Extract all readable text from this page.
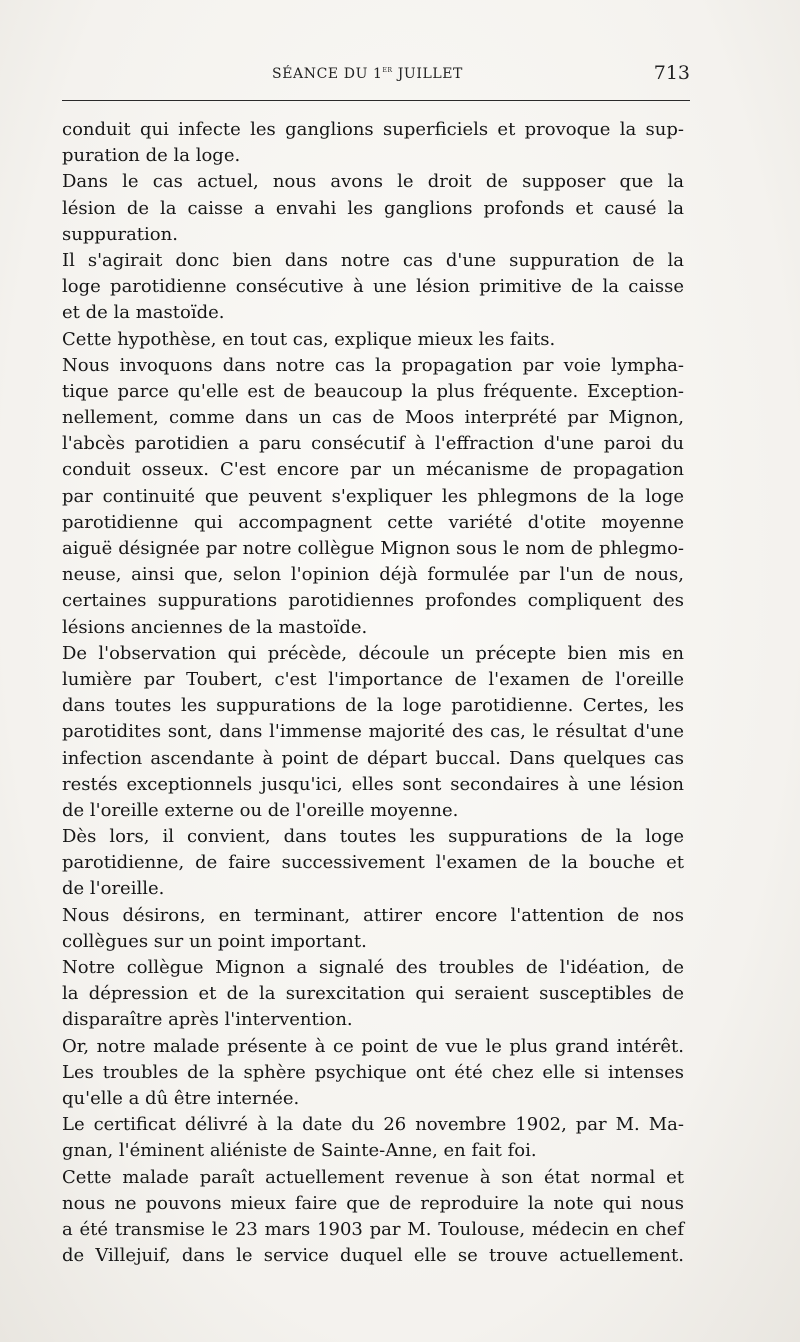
SÉANCE DU 1er JUILLET	713
conduit qui infecte les ganglions superficiels et provoque la sup-
puration de la loge.
Dans le cas actuel, nous avons le droit de supposer que la
lésion de la caisse a envahi les ganglions profonds et causé la
suppuration.
Il s'agirait donc bien dans notre cas d'une suppuration de la
loge parotidienne consécutive à une lésion primitive de la caisse
et de la mastoïde.
Cette hypothèse, en tout cas, explique mieux les faits.
Nous invoquons dans notre cas la propagation par voie lympha-
tique parce qu'elle est de beaucoup la plus fréquente. Exception-
nellement, comme dans un cas de Moos interprété par Mignon,
l'abcès parotidien a paru consécutif à l'effraction d'une paroi du
conduit osseux. C'est encore par un mécanisme de propagation
par continuité que peuvent s'expliquer les phlegmons de la loge
parotidienne qui accompagnent cette variété d'otite moyenne
aiguë désignée par notre collègue Mignon sous le nom de phlegmo-
neuse, ainsi que, selon l'opinion déjà formulée par l'un de nous,
certaines suppurations parotidiennes profondes compliquent des
lésions anciennes de la mastoïde.
De l'observation qui précède, découle un précepte bien mis en
lumière par Toubert, c'est l'importance de l'examen de l'oreille
dans toutes les suppurations de la loge parotidienne. Certes, les
parotidites sont, dans l'immense majorité des cas, le résultat d'une
infection ascendante à point de départ buccal. Dans quelques cas
restés exceptionnels jusqu'ici, elles sont secondaires à une lésion
de l'oreille externe ou de l'oreille moyenne.
Dès lors, il convient, dans toutes les suppurations de la loge
parotidienne, de faire successivement l'examen de la bouche et
de l'oreille.
Nous désirons, en terminant, attirer encore l'attention de nos
collègues sur un point important.
Notre collègue Mignon a signalé des troubles de l'idéation, de
la dépression et de la surexcitation qui seraient susceptibles de
disparaître après l'intervention.
Or, notre malade présente à ce point de vue le plus grand intérêt.
Les troubles de la sphère psychique ont été chez elle si intenses
qu'elle a dû être internée.
Le certificat délivré à la date du 26 novembre 1902, par M. Ma-
gnan, l'éminent aliéniste de Sainte-Anne, en fait foi.
Cette malade paraît actuellement revenue à son état normal et
nous ne pouvons mieux faire que de reproduire la note qui nous
a été transmise le 23 mars 1903 par M. Toulouse, médecin en chef
de Villejuif, dans le service duquel elle se trouve actuellement.
